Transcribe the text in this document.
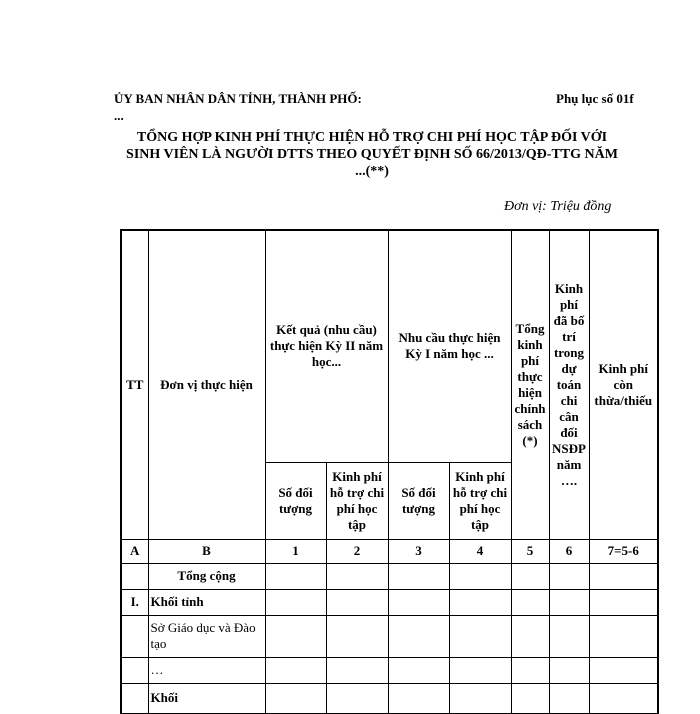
ỦY BAN NHÂN DÂN TỈNH, THÀNH PHỐ: ...
Phụ lục số 01f
TỔNG HỢP KINH PHÍ THỰC HIỆN HỖ TRỢ CHI PHÍ HỌC TẬP ĐỐI VỚI SINH VIÊN LÀ NGƯỜI DTTS THEO QUYẾT ĐỊNH SỐ 66/2013/QĐ-TTG NĂM ...(**)
Đơn vị: Triệu đồng
TT	Đơn vị thực hiện	Kết quả (nhu cầu) thực hiện Kỳ II năm học...		Nhu cầu thực hiện Kỳ I năm học ...		Tổng kinh phí thực hiện chính sách (*)	Kinh phí đã bố trí trong dự toán chi cân đối NSĐP năm ….	Kinh phí còn thừa/thiếu
		Số đối tượng	Kinh phí hỗ trợ chi phí học tập	Số đối tượng	Kinh phí hỗ trợ chi phí học tập			
A	B	1	2	3	4	5	6	7=5-6
	Tổng cộng							
I.	Khối tỉnh							
	Sở Giáo dục và Đào tạo							
	…							
	Khối							
